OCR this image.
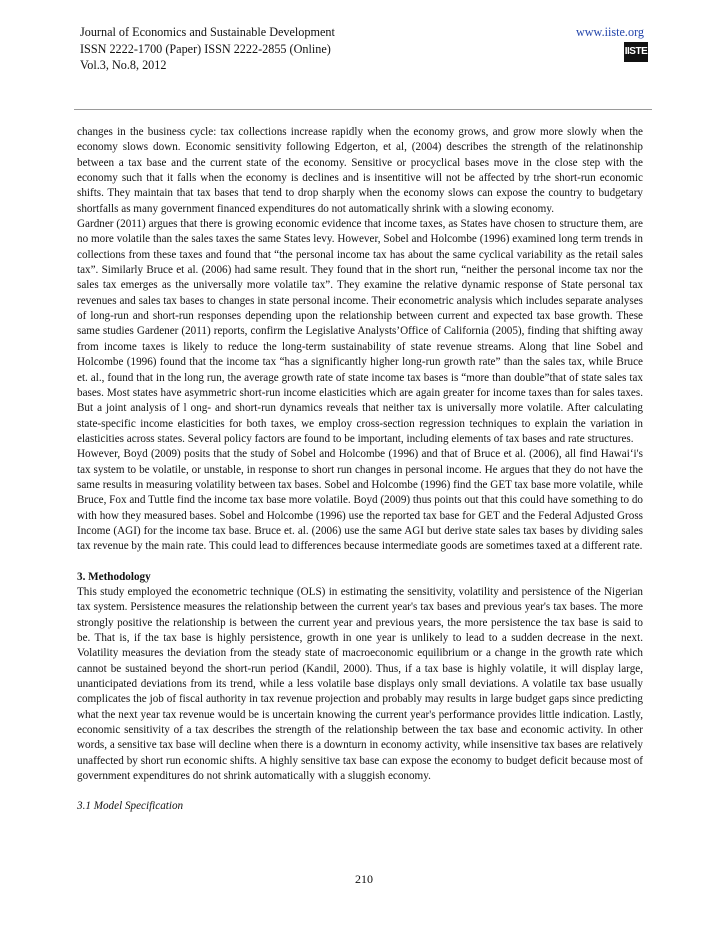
Journal of Economics and Sustainable Development
ISSN 2222-1700 (Paper) ISSN 2222-2855 (Online)
Vol.3, No.8, 2012
www.iiste.org
IISTE

changes in the business cycle: tax collections increase rapidly when the economy grows, and grow more slowly when the economy slows down. Economic sensitivity following Edgerton, et al, (2004) describes the strength of the relatinonship between a tax base and the current state of the economy. Sensitive or procyclical bases move in the close step with the economy such that it falls when the economy is declines and is insentitive will not be affected by trhe short-run economic shifts. They maintain that tax bases that tend to drop sharply when the economy slows can expose the country to budgetary shortfalls as many government financed expenditures do not automatically shrink with a slowing economy.

Gardner (2011) argues that there is growing economic evidence that income taxes, as States have chosen to structure them, are no more volatile than the sales taxes the same States levy. However, Sobel and Holcombe (1996) examined long term trends in collections from these taxes and found that “the personal income tax has about the same cyclical variability as the retail sales tax”. Similarly Bruce et al. (2006) had same result. They found that in the short run, “neither the personal income tax nor the sales tax emerges as the universally more volatile tax”. They examine the relative dynamic response of State personal tax revenues and sales tax bases to changes in state personal income. Their econometric analysis which includes separate analyses of long-run and short-run responses depending upon the relationship between current and expected tax base growth. These same studies Gardener (2011) reports, confirm the Legislative Analysts’Office of California (2005), finding that shifting away from income taxes is likely to reduce the long-term sustainability of state revenue streams. Along that line Sobel and Holcombe (1996) found that the income tax “has a significantly higher long-run growth rate” than the sales tax, while Bruce et. al., found that in the long run, the average growth rate of state income tax bases is “more than double”that of state sales tax bases. Most states have asymmetric short-run income elasticities which are again greater for income taxes than for sales taxes. But a joint analysis of l ong- and short-run dynamics reveals that neither tax is universally more volatile. After calculating state-specific income elasticities for both taxes, we employ cross-section regression techniques to explain the variation in elasticities across states. Several policy factors are found to be important, including elements of tax bases and rate structures.

However, Boyd (2009) posits that the study of Sobel and Holcombe (1996) and that of Bruce et al. (2006), all find Hawai‘i's tax system to be volatile, or unstable, in response to short run changes in personal income. He argues that they do not have the same results in measuring volatility between tax bases. Sobel and Holcombe (1996) find the GET tax base more volatile, while Bruce, Fox and Tuttle find the income tax base more volatile. Boyd (2009) thus points out that this could have something to do with how they measured bases. Sobel and Holcombe (1996) use the reported tax base for GET and the Federal Adjusted Gross Income (AGI) for the income tax base. Bruce et. al. (2006) use the same AGI but derive state sales tax bases by dividing sales tax revenue by the main rate. This could lead to differences because intermediate goods are sometimes taxed at a different rate.

3. Methodology

This study employed the econometric technique (OLS) in estimating the sensitivity, volatility and persistence of the Nigerian tax system. Persistence measures the relationship between the current year's tax bases and previous year's tax bases. The more strongly positive the relationship is between the current year and previous years, the more persistence the tax base is said to be. That is, if the tax base is highly persistence, growth in one year is unlikely to lead to a sudden decrease in the next. Volatility measures the deviation from the steady state of macroeconomic equilibrium or a change in the growth rate which cannot be sustained beyond the short-run period (Kandil, 2000). Thus, if a tax base is highly volatile, it will display large, unanticipated deviations from its trend, while a less volatile base displays only small deviations. A volatile tax base usually complicates the job of fiscal authority in tax revenue projection and probably may results in large budget gaps since predicting what the next year tax revenue would be is uncertain knowing the current year's performance provides little indication. Lastly, economic sensitivity of a tax describes the strength of the relationship between the tax base and economic activity. In other words, a sensitive tax base will decline when there is a downturn in economy activity, while insensitive tax bases are relatively unaffected by short run economic shifts. A highly sensitive tax base can expose the economy to budget deficit because most of government expenditures do not shrink automatically with a sluggish economy.

3.1 Model Specification

210
